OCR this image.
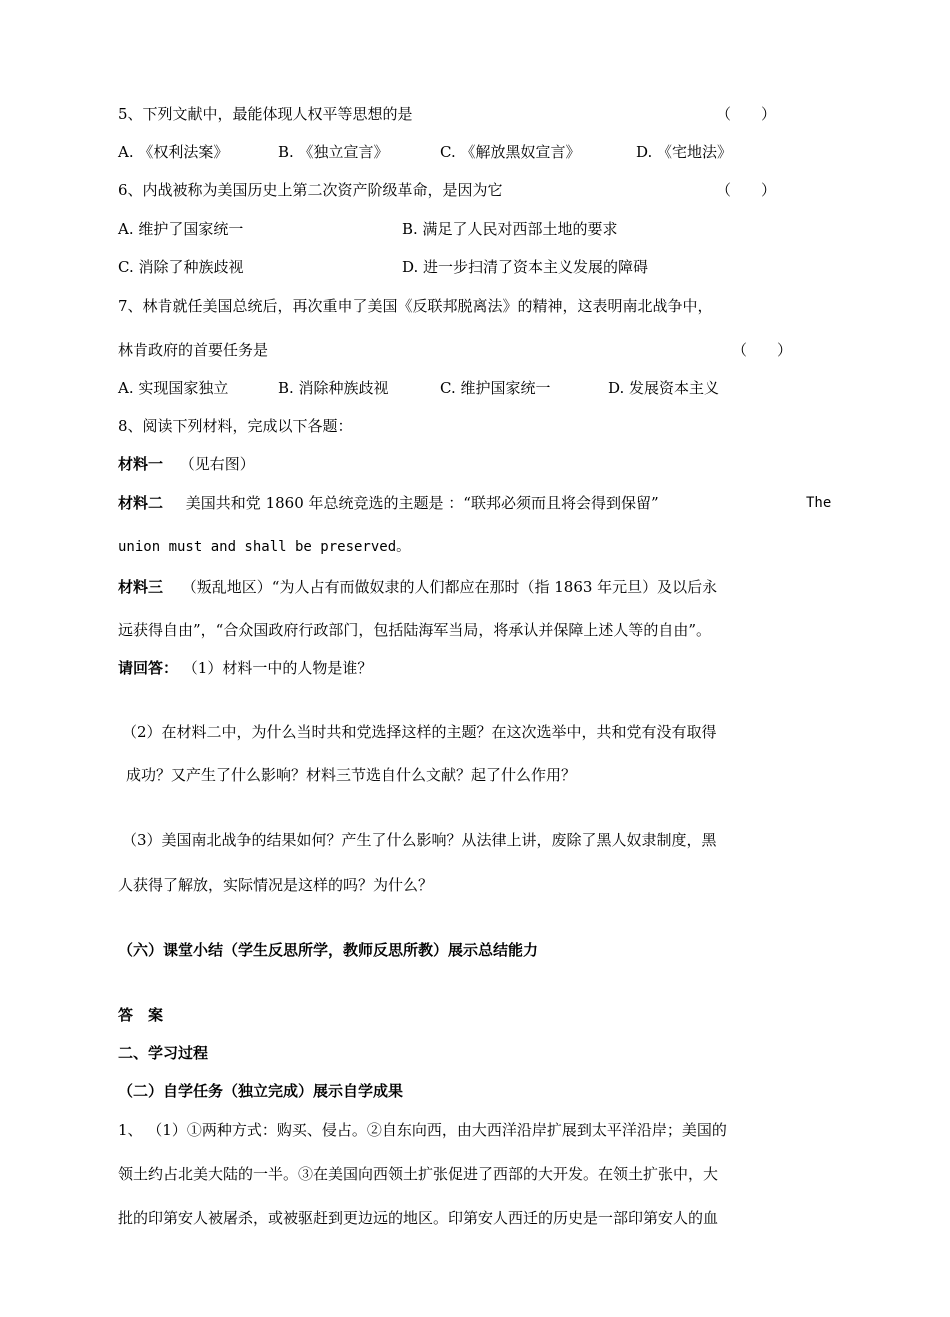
5、下列文献中，最能体现人权平等思想的是	（　　）
A. 《权利法案》	B. 《独立宣言》	C. 《解放黑奴宣言》	D. 《宅地法》
6、内战被称为美国历史上第二次资产阶级革命，是因为它	（　　）
A. 维护了国家统一	B. 满足了人民对西部土地的要求
C. 消除了种族歧视	D. 进一步扫清了资本主义发展的障碍
7、林肯就任美国总统后，再次重申了美国《反联邦脱离法》的精神，这表明南北战争中，
林肯政府的首要任务是	（　　）
A. 实现国家独立	B. 消除种族歧视	C. 维护国家统一	D. 发展资本主义
8、阅读下列材料，完成以下各题：
材料一 （见右图）
材料二 美国共和党 1860 年总统竞选的主题是 ：“联邦必须而且将会得到保留”	The
union must and shall be preserved。
材料三 （叛乱地区）“为人占有而做奴隶的人们都应在那时（指 1863 年元旦）及以后永
远获得自由”，“合众国政府行政部门，包括陆海军当局，将承认并保障上述人等的自由”。
请回答： （1）材料一中的人物是谁？
（2）在材料二中，为什么当时共和党选择这样的主题？在这次选举中，共和党有没有取得
成功？又产生了什么影响？材料三节选自什么文献？起了什么作用？
（3）美国南北战争的结果如何？产生了什么影响？从法律上讲，废除了黑人奴隶制度，黑
人获得了解放，实际情况是这样的吗？为什么？
（六）课堂小结（学生反思所学，教师反思所教）展示总结能力
答　案
二、学习过程
（二）自学任务（独立完成）展示自学成果
1、 （1）①两种方式：购买、侵占。②自东向西，由大西洋沿岸扩展到太平洋沿岸；美国的
领土约占北美大陆的一半。③在美国向西领土扩张促进了西部的大开发。在领土扩张中，大
批的印第安人被屠杀，或被驱赶到更边远的地区。印第安人西迁的历史是一部印第安人的血
